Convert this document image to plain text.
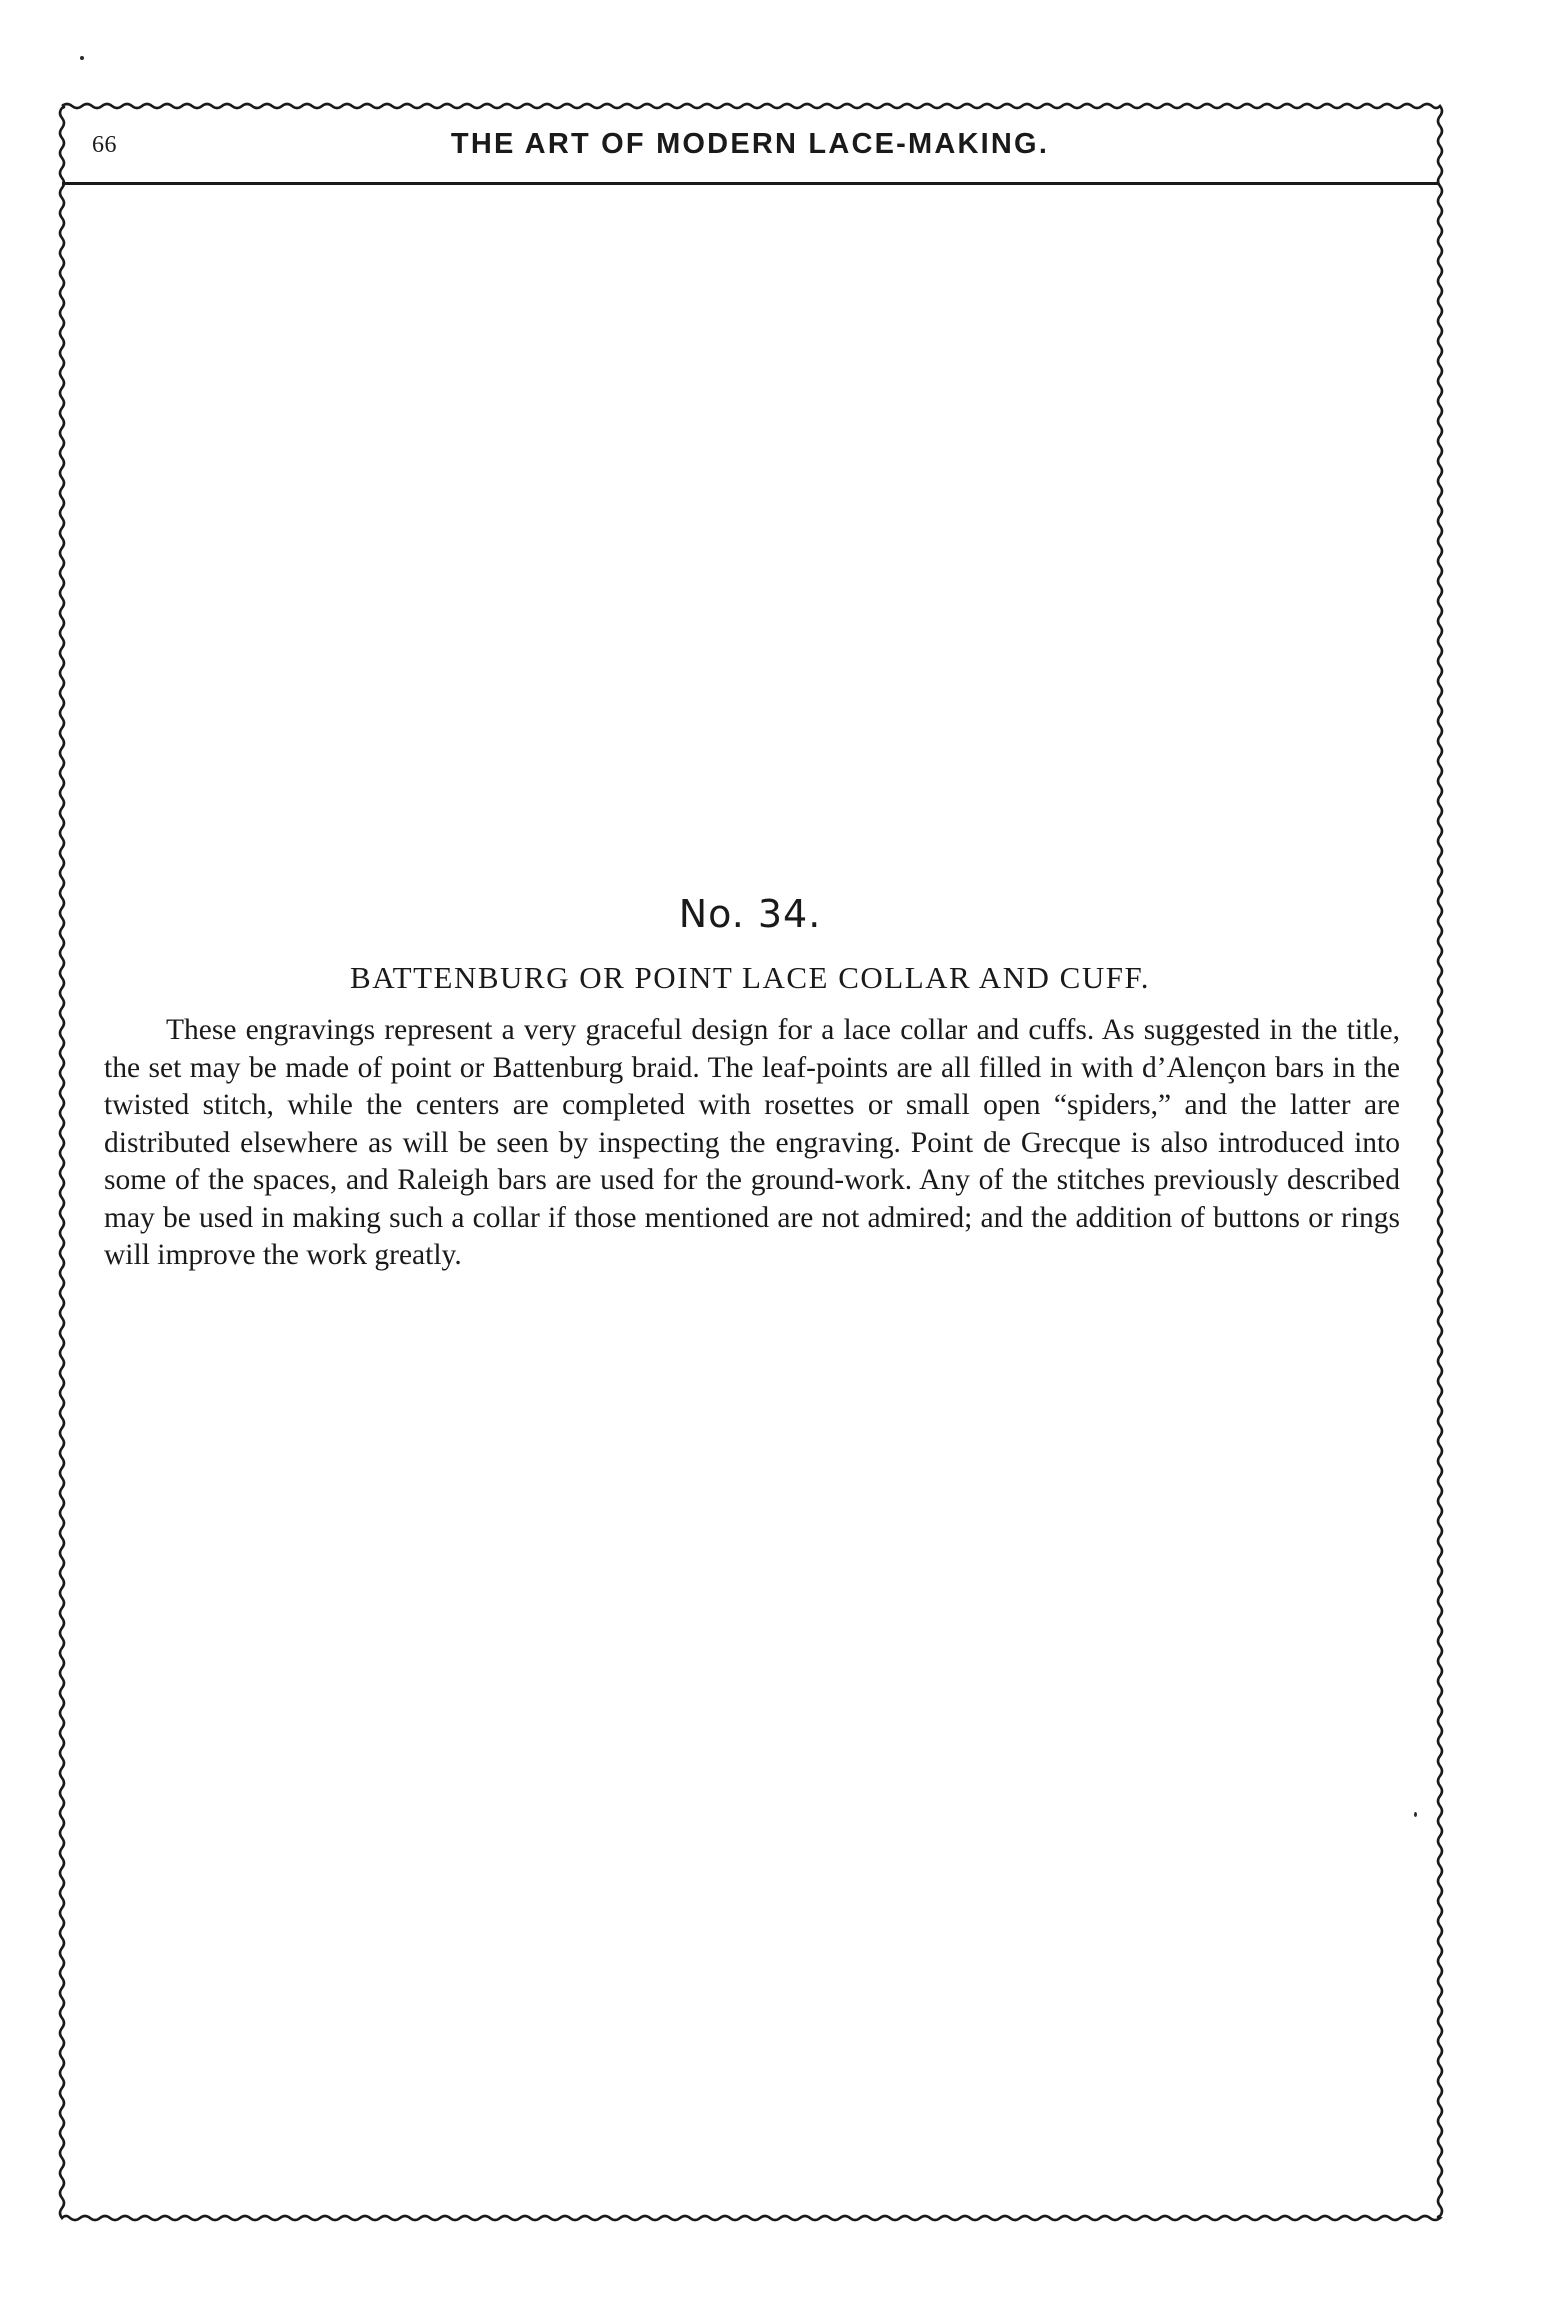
66	THE ART OF MODERN LACE-MAKING.
No. 34.
BATTENBURG OR POINT LACE COLLAR AND CUFF.

These engravings represent a very graceful design for a lace collar and cuffs. As suggested in the title, the set may be made of point or Battenburg braid. The leaf-points are all filled in with d’Alençon bars in the twisted stitch, while the centers are completed with rosettes or small open “spiders,” and the latter are distributed elsewhere as will be seen by inspecting the engraving. Point de Grecque is also introduced into some of the spaces, and Raleigh bars are used for the ground-work. Any of the stitches previously described may be used in making such a collar if those mentioned are not admired; and the addition of buttons or rings will improve the work greatly.
